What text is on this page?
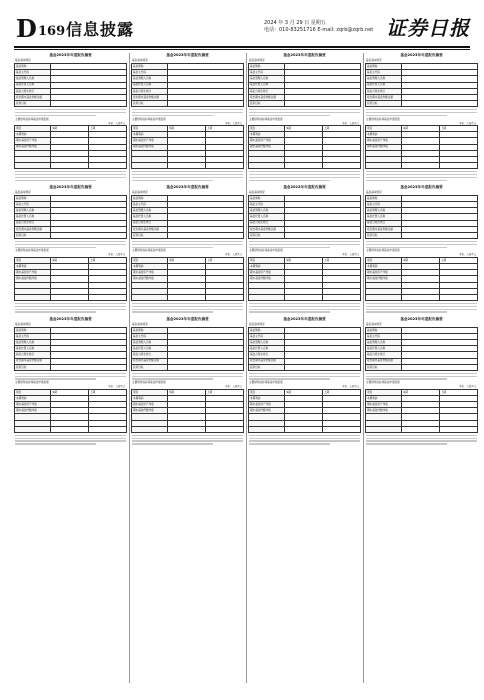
D 169 信息披露	2024 年 3 月 29 日 星期五
电话：010-83251716 E-mail: zqrb@zqrb.net 证券日报
基金2023年年度报告摘要
基金基本情况
基金简称	
基金主代码	
基金管理人名称	
基金托管人名称	
基金合同生效日	
报告期末基金份额总额	
投资目标	
主要财务指标和基金净值表现
单位：人民币元
项目	本期	上期
本期利润		
期末基金资产净值		
期末基金份额净值		

基金2023年年度报告摘要
基金基本情况
基金简称	
基金主代码	
基金管理人名称	
基金托管人名称	
基金合同生效日	
报告期末基金份额总额	
投资目标	
主要财务指标和基金净值表现
单位：人民币元
项目	本期	上期
本期利润		
期末基金资产净值		
期末基金份额净值		

基金2023年年度报告摘要
基金基本情况
基金简称	
基金主代码	
基金管理人名称	
基金托管人名称	
基金合同生效日	
报告期末基金份额总额	
投资目标	
主要财务指标和基金净值表现
单位：人民币元
项目	本期	上期
本期利润		
期末基金资产净值		
期末基金份额净值		

基金2023年年度报告摘要
基金基本情况
基金简称	
基金主代码	
基金管理人名称	
基金托管人名称	
基金合同生效日	
报告期末基金份额总额	
投资目标	
主要财务指标和基金净值表现
单位：人民币元
项目	本期	上期
本期利润		
期末基金资产净值		
期末基金份额净值		

基金2023年年度报告摘要
基金基本情况
基金简称	
基金主代码	
基金管理人名称	
基金托管人名称	
基金合同生效日	
报告期末基金份额总额	
投资目标	
主要财务指标和基金净值表现
单位：人民币元
项目	本期	上期
本期利润		
期末基金资产净值		
期末基金份额净值		

基金2023年年度报告摘要
基金基本情况
基金简称	
基金主代码	
基金管理人名称	
基金托管人名称	
基金合同生效日	
报告期末基金份额总额	
投资目标	
主要财务指标和基金净值表现
单位：人民币元
项目	本期	上期
本期利润		
期末基金资产净值		
期末基金份额净值		

基金2023年年度报告摘要
基金基本情况
基金简称	
基金主代码	
基金管理人名称	
基金托管人名称	
基金合同生效日	
报告期末基金份额总额	
投资目标	
主要财务指标和基金净值表现
单位：人民币元
项目	本期	上期
本期利润		
期末基金资产净值		
期末基金份额净值		

基金2023年年度报告摘要
基金基本情况
基金简称	
基金主代码	
基金管理人名称	
基金托管人名称	
基金合同生效日	
报告期末基金份额总额	
投资目标	
主要财务指标和基金净值表现
单位：人民币元
项目	本期	上期
本期利润		
期末基金资产净值		
期末基金份额净值		

基金2023年年度报告摘要
基金基本情况
基金简称	
基金主代码	
基金管理人名称	
基金托管人名称	
基金合同生效日	
报告期末基金份额总额	
投资目标	
主要财务指标和基金净值表现
单位：人民币元
项目	本期	上期
本期利润		
期末基金资产净值		
期末基金份额净值		

基金2023年年度报告摘要
基金基本情况
基金简称	
基金主代码	
基金管理人名称	
基金托管人名称	
基金合同生效日	
报告期末基金份额总额	
投资目标	
主要财务指标和基金净值表现
单位：人民币元
项目	本期	上期
本期利润		
期末基金资产净值		
期末基金份额净值		

基金2023年年度报告摘要
基金基本情况
基金简称	
基金主代码	
基金管理人名称	
基金托管人名称	
基金合同生效日	
报告期末基金份额总额	
投资目标	
主要财务指标和基金净值表现
单位：人民币元
项目	本期	上期
本期利润		
期末基金资产净值		
期末基金份额净值		

基金2023年年度报告摘要
基金基本情况
基金简称	
基金主代码	
基金管理人名称	
基金托管人名称	
基金合同生效日	
报告期末基金份额总额	
投资目标	
主要财务指标和基金净值表现
单位：人民币元
项目	本期	上期
本期利润		
期末基金资产净值		
期末基金份额净值		
